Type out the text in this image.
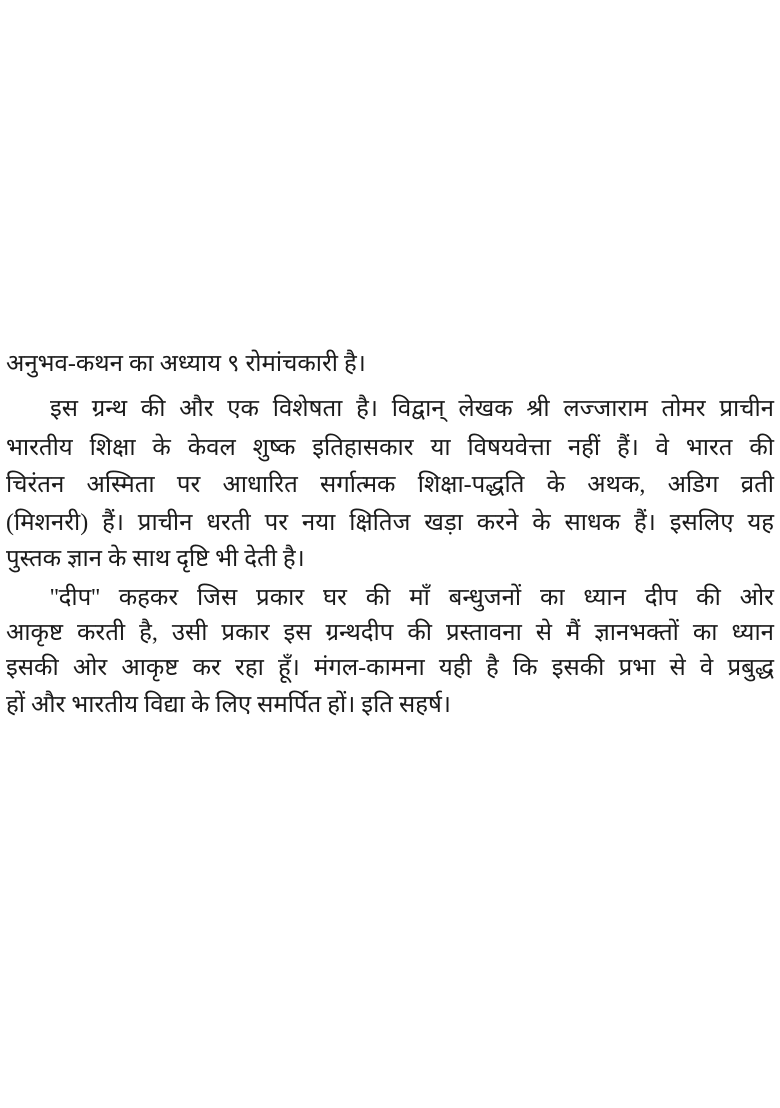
अनुभव-कथन का अध्याय ९ रोमांचकारी है।
इस ग्रन्थ की और एक विशेषता है। विद्वान् लेखक श्री लज्जाराम तोमर प्राचीन
भारतीय शिक्षा के केवल शुष्क इतिहासकार या विषयवेत्ता नहीं हैं। वे भारत की
चिरंतन अस्मिता पर आधारित सर्गात्मक शिक्षा-पद्धति के अथक, अडिग व्रती
(मिशनरी) हैं। प्राचीन धरती पर नया क्षितिज खड़ा करने के साधक हैं। इसलिए यह
पुस्तक ज्ञान के साथ दृष्टि भी देती है।
''दीप'' कहकर जिस प्रकार घर की माँ बन्धुजनों का ध्यान दीप की ओर
आकृष्ट करती है, उसी प्रकार इस ग्रन्थदीप की प्रस्तावना से मैं ज्ञानभक्तों का ध्यान
इसकी ओर आकृष्ट कर रहा हूँ। मंगल-कामना यही है कि इसकी प्रभा से वे प्रबुद्ध
हों और भारतीय विद्या के लिए समर्पित हों। इति सहर्ष।
